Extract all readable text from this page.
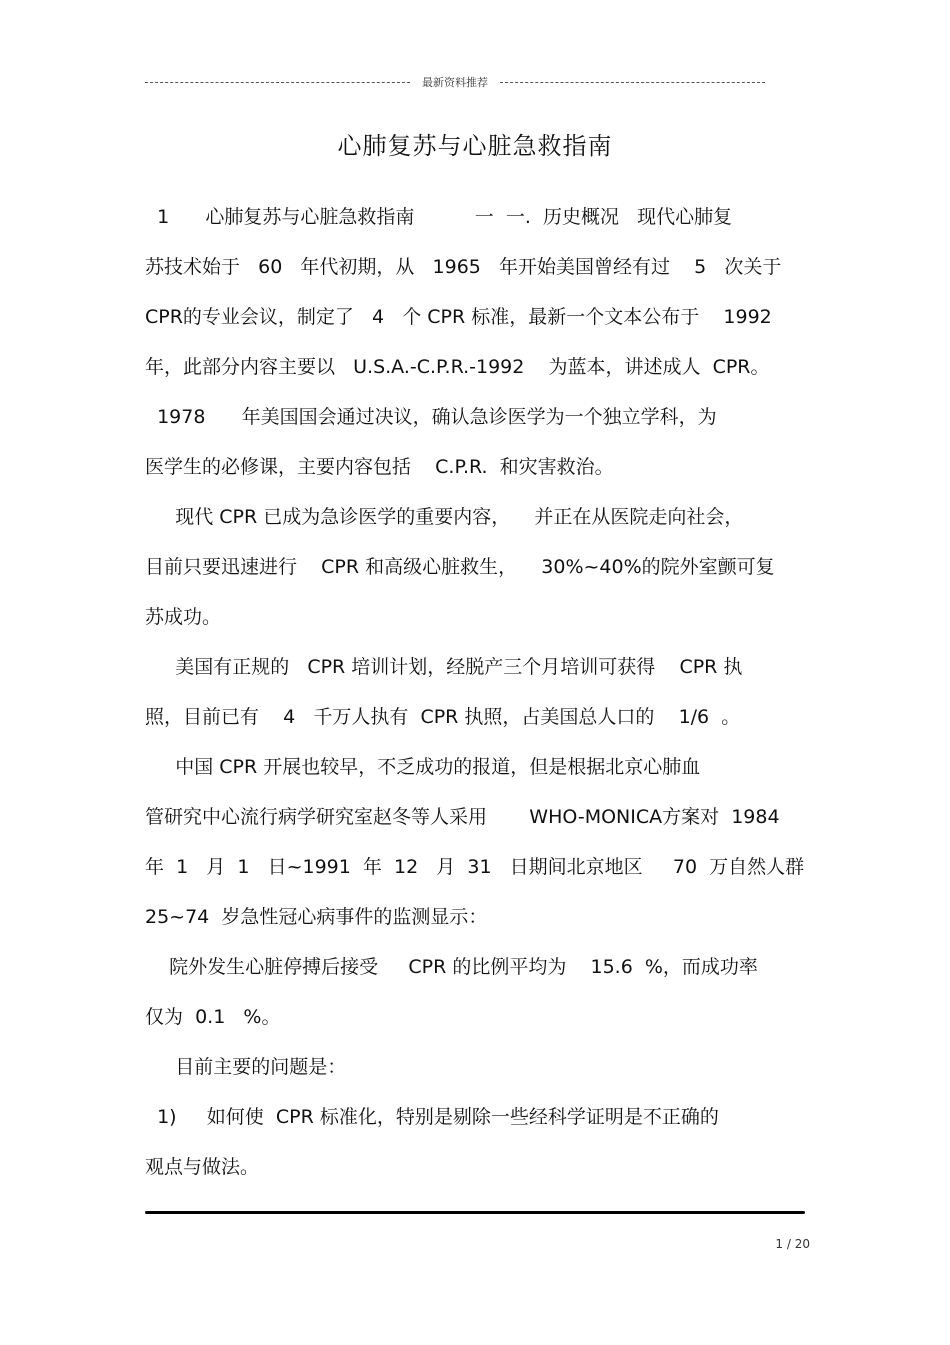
最新资料推荐
心肺复苏与心脏急救指南
1      心肺复苏与心脏急救指南          一  一.  历史概况   现代心肺复
苏技术始于   60   年代初期，从   1965   年开始美国曾经有过    5   次关于
CPR的专业会议，制定了   4   个 CPR 标准，最新一个文本公布于    1992
年，此部分内容主要以   U.S.A.-C.P.R.-1992    为蓝本，讲述成人  CPR。
1978      年美国国会通过决议，确认急诊医学为一个独立学科，为
医学生的必修课，主要内容包括    C.P.R.  和灾害救治。
现代 CPR 已成为急诊医学的重要内容，    并正在从医院走向社会，
目前只要迅速进行    CPR 和高级心脏救生，    30%~40%的院外室颤可复
苏成功。
美国有正规的   CPR 培训计划，经脱产三个月培训可获得    CPR 执
照，目前已有    4   千万人执有  CPR 执照，占美国总人口的    1/6  。
中国 CPR 开展也较早，不乏成功的报道，但是根据北京心肺血
管研究中心流行病学研究室赵冬等人采用       WHO-MONICA方案对  1984
年  1   月  1   日~1991  年  12   月  31   日期间北京地区     70  万自然人群
25~74  岁急性冠心病事件的监测显示：
院外发生心脏停搏后接受     CPR 的比例平均为    15.6  %，而成功率
仅为  0.1   %。
目前主要的问题是：
1)     如何使  CPR 标准化，特别是剔除一些经科学证明是不正确的
观点与做法。
1 / 20
